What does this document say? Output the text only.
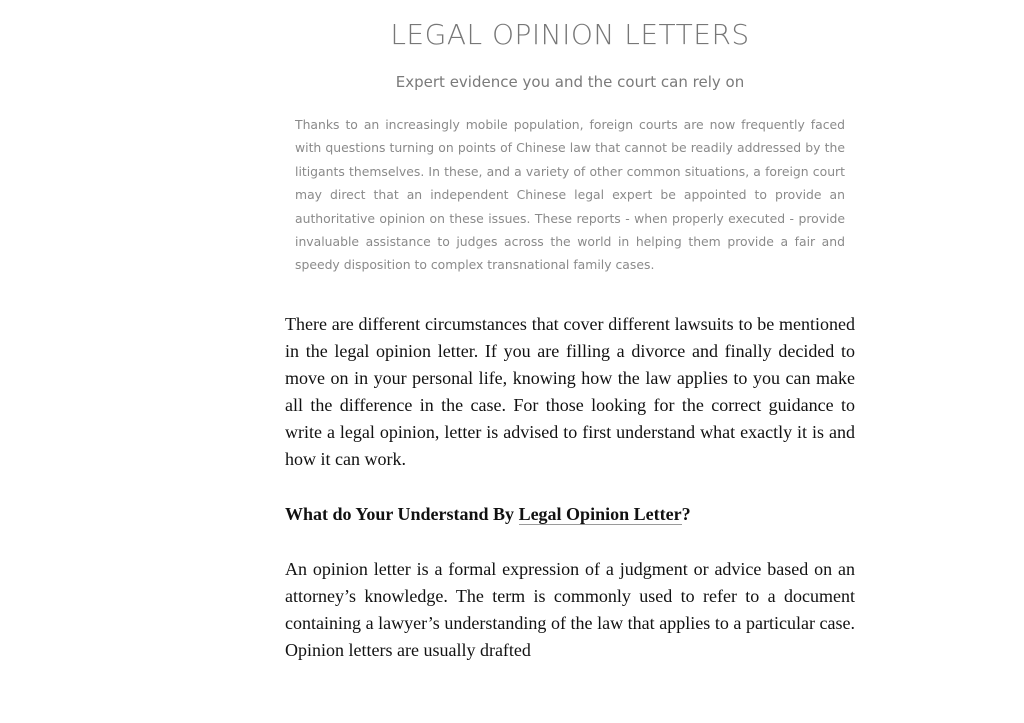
LEGAL OPINION LETTERS
Expert evidence you and the court can rely on

Thanks to an increasingly mobile population, foreign courts are now frequently faced with questions turning on points of Chinese law that cannot be readily addressed by the litigants themselves. In these, and a variety of other common situations, a foreign court may direct that an independent Chinese legal expert be appointed to provide an authoritative opinion on these issues. These reports - when properly executed - provide invaluable assistance to judges across the world in helping them provide a fair and speedy disposition to complex transnational family cases.

There are different circumstances that cover different lawsuits to be mentioned in the legal opinion letter. If you are filling a divorce and finally decided to move on in your personal life, knowing how the law applies to you can make all the difference in the case. For those looking for the correct guidance to write a legal opinion, letter is advised to first understand what exactly it is and how it can work.

What do Your Understand By Legal Opinion Letter?

An opinion letter is a formal expression of a judgment or advice based on an attorney’s knowledge. The term is commonly used to refer to a document containing a lawyer’s understanding of the law that applies to a particular case. Opinion letters are usually drafted
